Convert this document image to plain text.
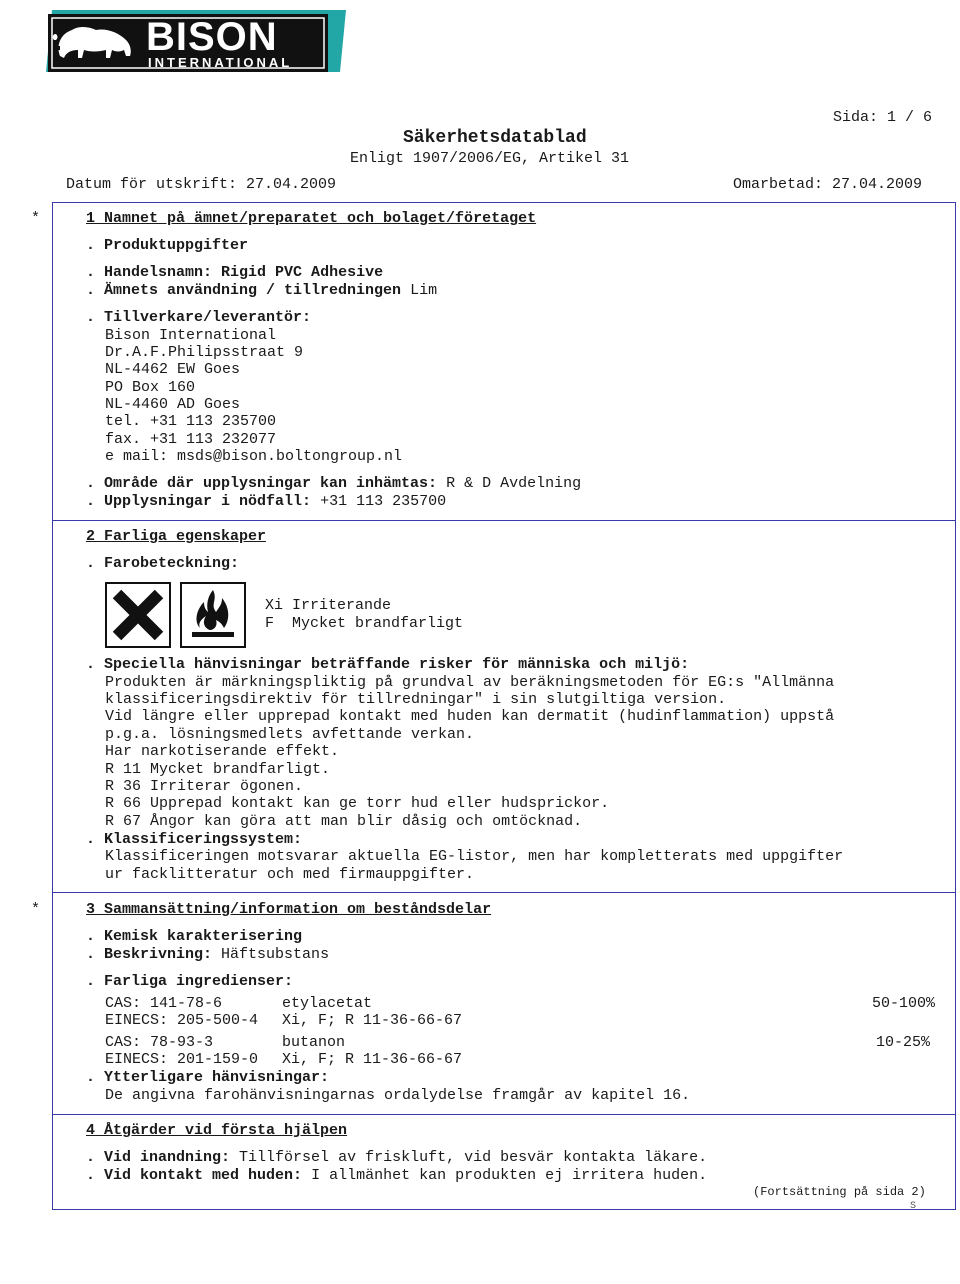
BISON
INTERNATIONAL
Sida: 1 / 6
Säkerhetsdatablad
Enligt 1907/2006/EG, Artikel 31
Datum för utskrift: 27.04.2009	Omarbetad: 27.04.2009
*	1 Namnet på ämnet/preparatet och bolaget/företaget
. Produktuppgifter
. Handelsnamn: Rigid PVC Adhesive
. Ämnets användning / tillredningen Lim
. Tillverkare/leverantör:
Bison International
Dr.A.F.Philipsstraat 9
NL-4462 EW Goes
PO Box 160
NL-4460 AD Goes
tel. +31 113 235700
fax. +31 113 232077
e mail: msds@bison.boltongroup.nl
. Område där upplysningar kan inhämtas: R & D Avdelning
. Upplysningar i nödfall: +31 113 235700
2 Farliga egenskaper
. Farobeteckning:
Xi Irriterande
F  Mycket brandfarligt
. Speciella hänvisningar beträffande risker för människa och miljö:
Produkten är märkningspliktig på grundval av beräkningsmetoden för EG:s "Allmänna
klassificeringsdirektiv för tillredningar" i sin slutgiltiga version.
Vid längre eller upprepad kontakt med huden kan dermatit (hudinflammation) uppstå
p.g.a. lösningsmedlets avfettande verkan.
Har narkotiserande effekt.
R 11 Mycket brandfarligt.
R 36 Irriterar ögonen.
R 66 Upprepad kontakt kan ge torr hud eller hudsprickor.
R 67 Ångor kan göra att man blir dåsig och omtöcknad.
. Klassificeringssystem:
Klassificeringen motsvarar aktuella EG-listor, men har kompletterats med uppgifter
ur facklitteratur och med firmauppgifter.
*	3 Sammansättning/information om beståndsdelar
. Kemisk karakterisering
. Beskrivning: Häftsubstans
. Farliga ingredienser:
CAS: 141-78-6	etylacetat	50-100%
EINECS: 205-500-4 Xi, F; R 11-36-66-67
CAS: 78-93-3	butanon	10-25%
EINECS: 201-159-0 Xi, F; R 11-36-66-67
. Ytterligare hänvisningar:
De angivna farohänvisningarnas ordalydelse framgår av kapitel 16.
4 Åtgärder vid första hjälpen
. Vid inandning: Tillförsel av friskluft, vid besvär kontakta läkare.
. Vid kontakt med huden: I allmänhet kan produkten ej irritera huden.
(Fortsättning på sida 2)
S
